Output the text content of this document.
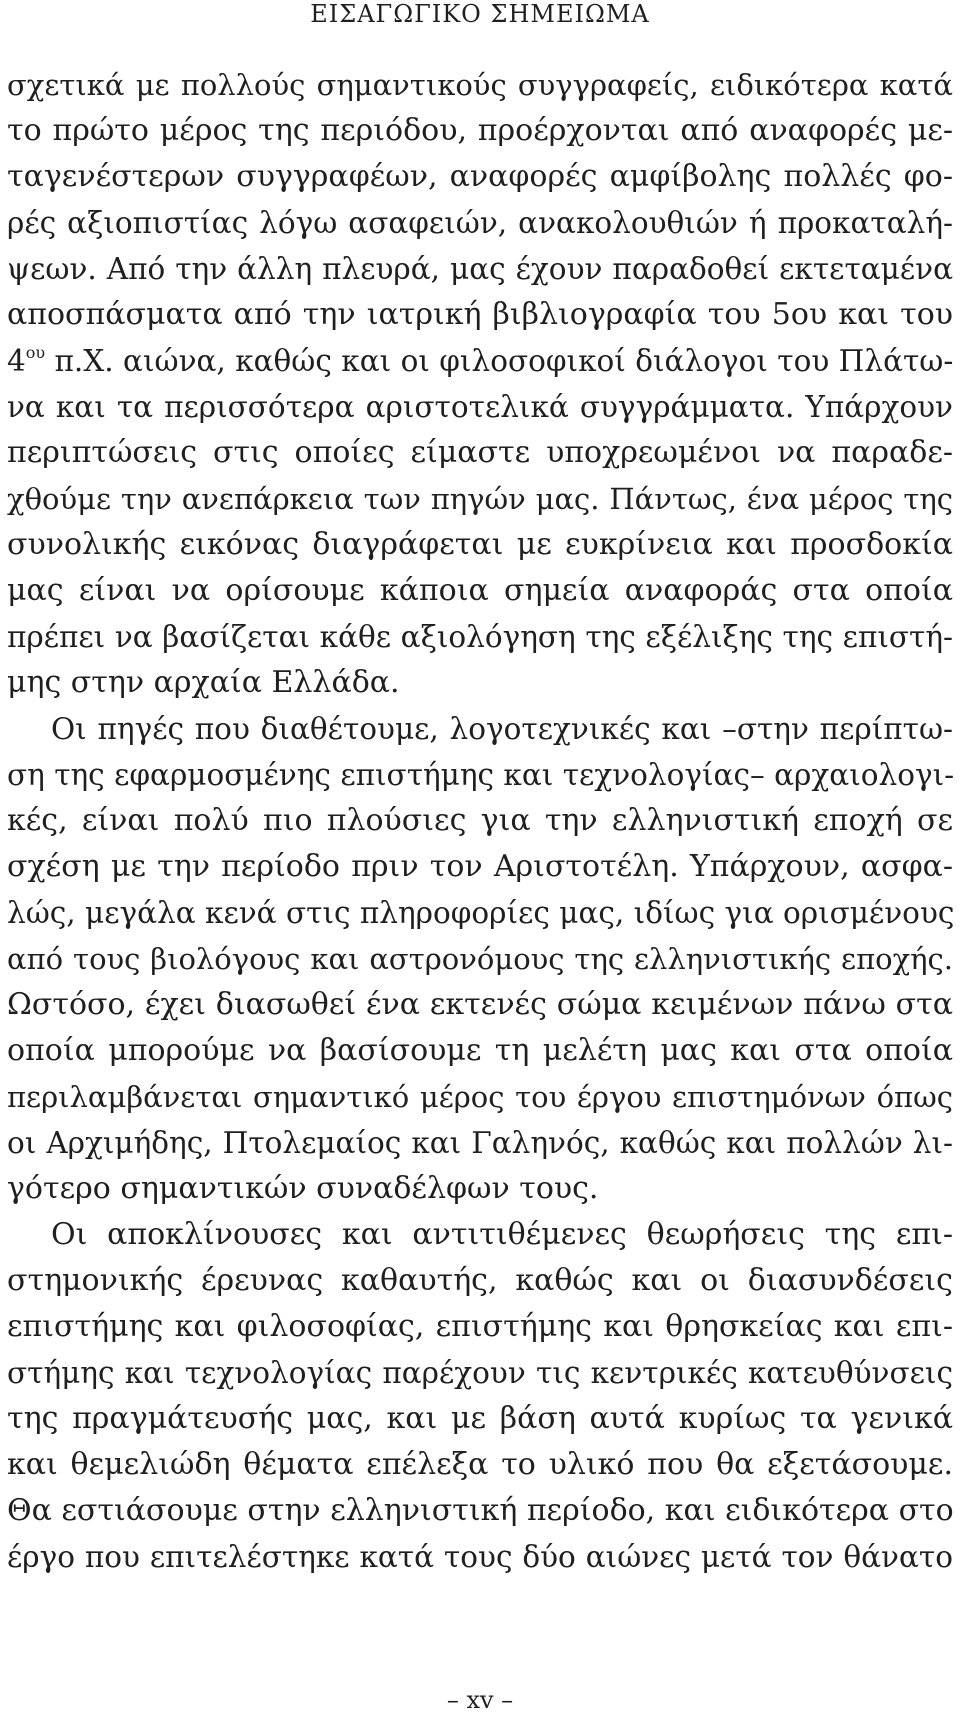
ΕΙΣΑΓΩΓΙΚΟ ΣΗΜΕΙΩΜΑ
σχετικά με πολλούς σημαντικούς συγγραφείς, ειδικότερα κατά
το πρώτο μέρος της περιόδου, προέρχονται από αναφορές με-
ταγενέστερων συγγραφέων, αναφορές αμφίβολης πολλές φο-
ρές αξιοπιστίας λόγω ασαφειών, ανακολουθιών ή προκαταλή-
ψεων. Από την άλλη πλευρά, μας έχουν παραδοθεί εκτεταμένα
αποσπάσματα από την ιατρική βιβλιογραφία του 5ου και του
$4^{o\upsilon}$ π.Χ. αιώνα, καθώς και οι φιλοσοφικοί διάλογοι του Πλάτω-
να και τα περισσότερα αριστοτελικά συγγράμματα. Υπάρχουν
περιπτώσεις στις οποίες είμαστε υποχρεωμένοι να παραδε-
χθούμε την ανεπάρκεια των πηγών μας. Πάντως, ένα μέρος της
συνολικής εικόνας διαγράφεται με ευκρίνεια και προσδοκία
μας είναι να ορίσουμε κάποια σημεία αναφοράς στα οποία
πρέπει να βασίζεται κάθε αξιολόγηση της εξέλιξης της επιστή-
μης στην αρχαία Ελλάδα.
Οι πηγές που διαθέτουμε, λογοτεχνικές και –στην περίπτω-
ση της εφαρμοσμένης επιστήμης και τεχνολογίας– αρχαιολογι-
κές, είναι πολύ πιο πλούσιες για την ελληνιστική εποχή σε
σχέση με την περίοδο πριν τον Αριστοτέλη. Υπάρχουν, ασφα-
λώς, μεγάλα κενά στις πληροφορίες μας, ιδίως για ορισμένους
από τους βιολόγους και αστρονόμους της ελληνιστικής εποχής.
Ωστόσο, έχει διασωθεί ένα εκτενές σώμα κειμένων πάνω στα
οποία μπορούμε να βασίσουμε τη μελέτη μας και στα οποία
περιλαμβάνεται σημαντικό μέρος του έργου επιστημόνων όπως
οι Αρχιμήδης, Πτολεμαίος και Γαληνός, καθώς και πολλών λι-
γότερο σημαντικών συναδέλφων τους.
Οι αποκλίνουσες και αντιτιθέμενες θεωρήσεις της επι-
στημονικής έρευνας καθαυτής, καθώς και οι διασυνδέσεις
επιστήμης και φιλοσοφίας, επιστήμης και θρησκείας και επι-
στήμης και τεχνολογίας παρέχουν τις κεντρικές κατευθύνσεις
της πραγμάτευσής μας, και με βάση αυτά κυρίως τα γενικά
και θεμελιώδη θέματα επέλεξα το υλικό που θα εξετάσουμε.
Θα εστιάσουμε στην ελληνιστική περίοδο, και ειδικότερα στο
έργο που επιτελέστηκε κατά τους δύο αιώνες μετά τον θάνατο
– xv –
